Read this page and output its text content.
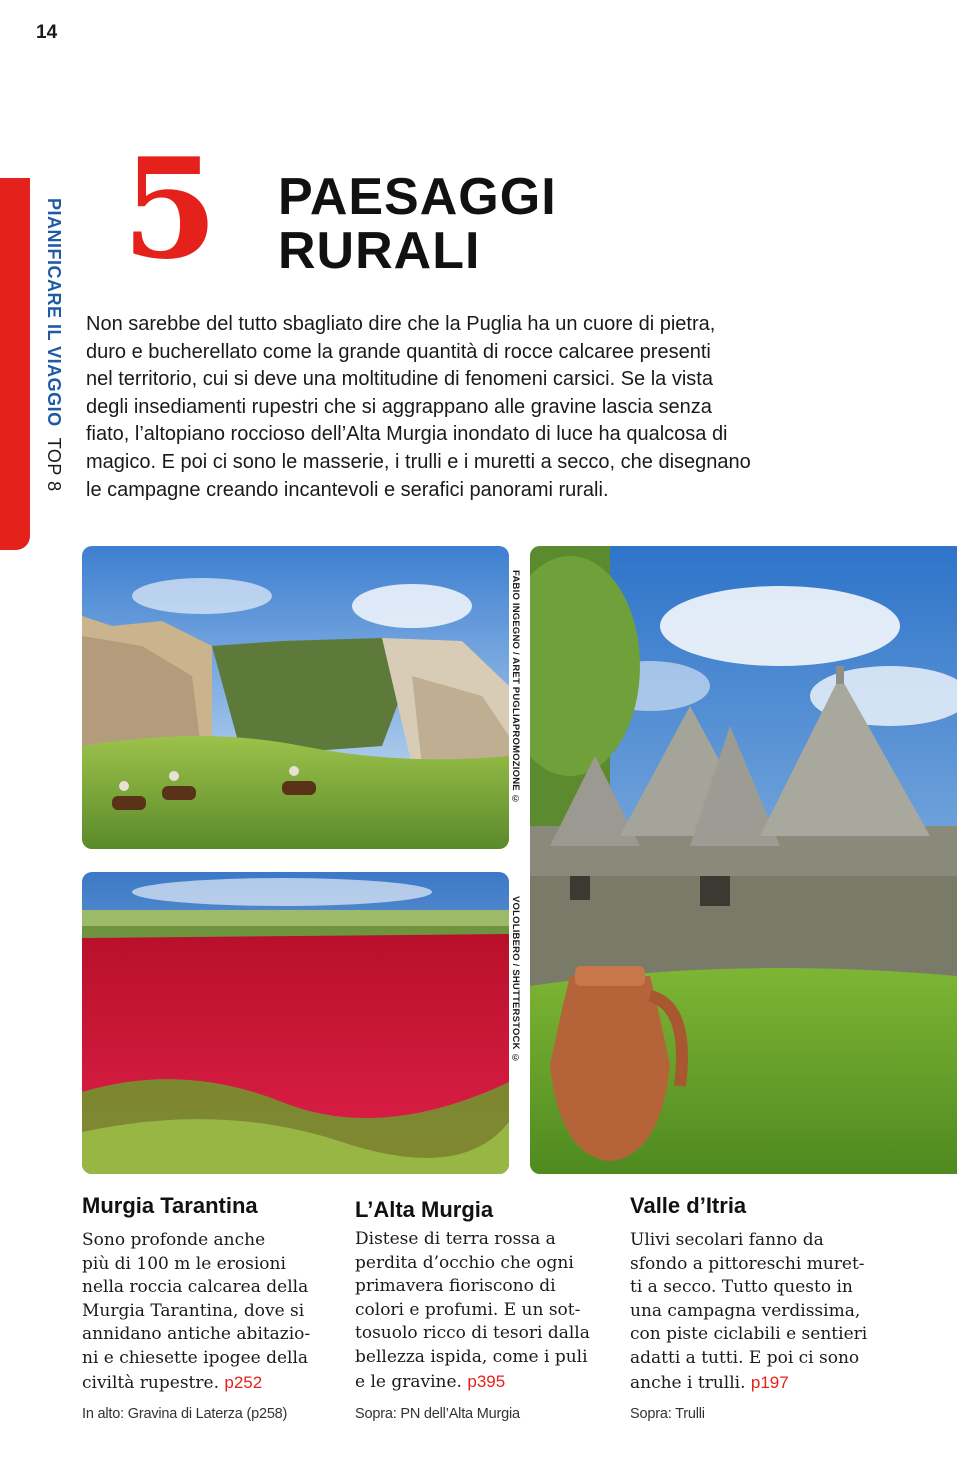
14
PIANIFICARE IL VIAGGIO  TOP 8
5 PAESAGGI
RURALI

Non sarebbe del tutto sbagliato dire che la Puglia ha un cuore di pietra,
duro e bucherellato come la grande quantità di rocce calcaree presenti
nel territorio, cui si deve una moltitudine di fenomeni carsici. Se la vista
degli insediamenti rupestri che si aggrappano alle gravine lascia senza
fiato, l’altopiano roccioso dell’Alta Murgia inondato di luce ha qualcosa di
magico. E poi ci sono le masserie, i trulli e i muretti a secco, che disegnano
le campagne creando incantevoli e serafici panorami rurali.

FABIO INGEGNO / ARET PUGLIAPROMOZIONE ©
VOLOLIBERO / SHUTTERSTOCK ©
Murgia Tarantina

Sono profonde anche
più di 100 m le erosioni
nella roccia calcarea della
Murgia Tarantina, dove si
annidano antiche abitazio-
ni e chiesette ipogee della
civiltà rupestre. p252

In alto: Gravina di Laterza (p258)
L’Alta Murgia

Distese di terra rossa a
perdita d’occhio che ogni
primavera fioriscono di
colori e profumi. E un sot-
tosuolo ricco di tesori dalla
bellezza ispida, come i puli
e le gravine. p395

Sopra: PN dell’Alta Murgia
Valle d’Itria

Ulivi secolari fanno da
sfondo a pittoreschi muret-
ti a secco. Tutto questo in
una campagna verdissima,
con piste ciclabili e sentieri
adatti a tutti. E poi ci sono
anche i trulli. p197

Sopra: Trulli
